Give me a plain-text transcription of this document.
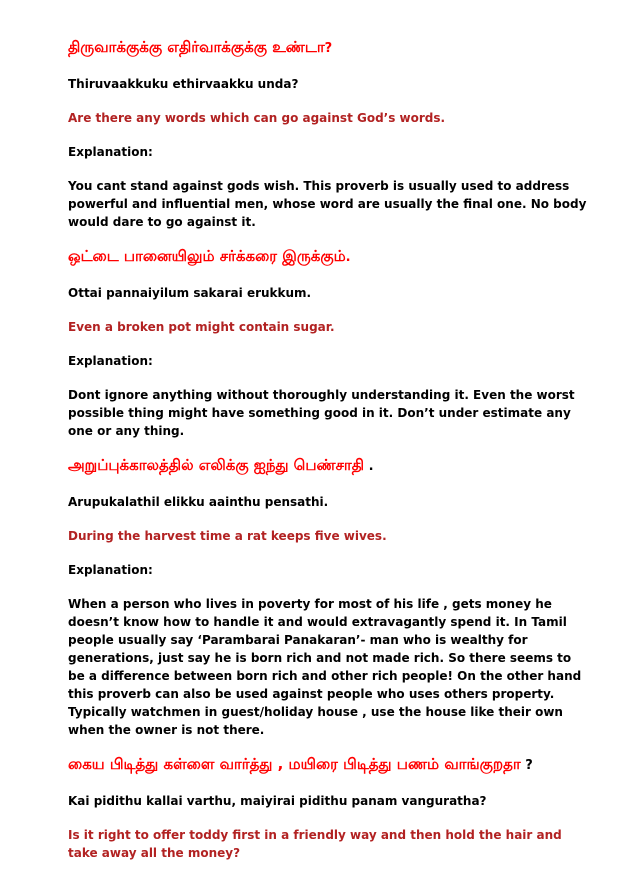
திருவாக்குக்கு எதிர்வாக்குக்கு உண்டா?

Thiruvaakkuku ethirvaakku unda?

Are there any words which can go against God’s words.

Explanation:

You cant stand against gods wish. This proverb is usually used to address powerful and influential men, whose word are usually the final one. No body would dare to go against it.

ஒட்டை பானையிலும் சர்க்கரை இருக்கும்.

Ottai pannaiyilum sakarai erukkum.

Even a broken pot might contain sugar.

Explanation:

Dont ignore anything without thoroughly understanding it. Even the worst possible thing might have something good in it. Don’t under estimate any one or any thing.

அறுப்புக்காலத்தில் எலிக்கு ஐந்து பெண்சாதி .

Arupukalathil elikku aainthu pensathi.

During the harvest time a rat keeps five wives.

Explanation:

When a person who lives in poverty for most of his life , gets money he doesn’t know how to handle it and would extravagantly spend it. In Tamil people usually say ‘Parambarai Panakaran’- man who is wealthy for generations, just say he is born rich and not made rich. So there seems to be a difference between born rich and other rich people! On the other hand this proverb can also be used against people who uses others property. Typically watchmen in guest/holiday house , use the house like their own when the owner is not there.

கைய பிடித்து கள்ளை வார்த்து , மயிரை பிடித்து பணம் வாங்குறதா ?

Kai pidithu kallai varthu, maiyirai pidithu panam vanguratha?

Is it right to offer toddy first in a friendly way and then hold the hair and take away all the money?
